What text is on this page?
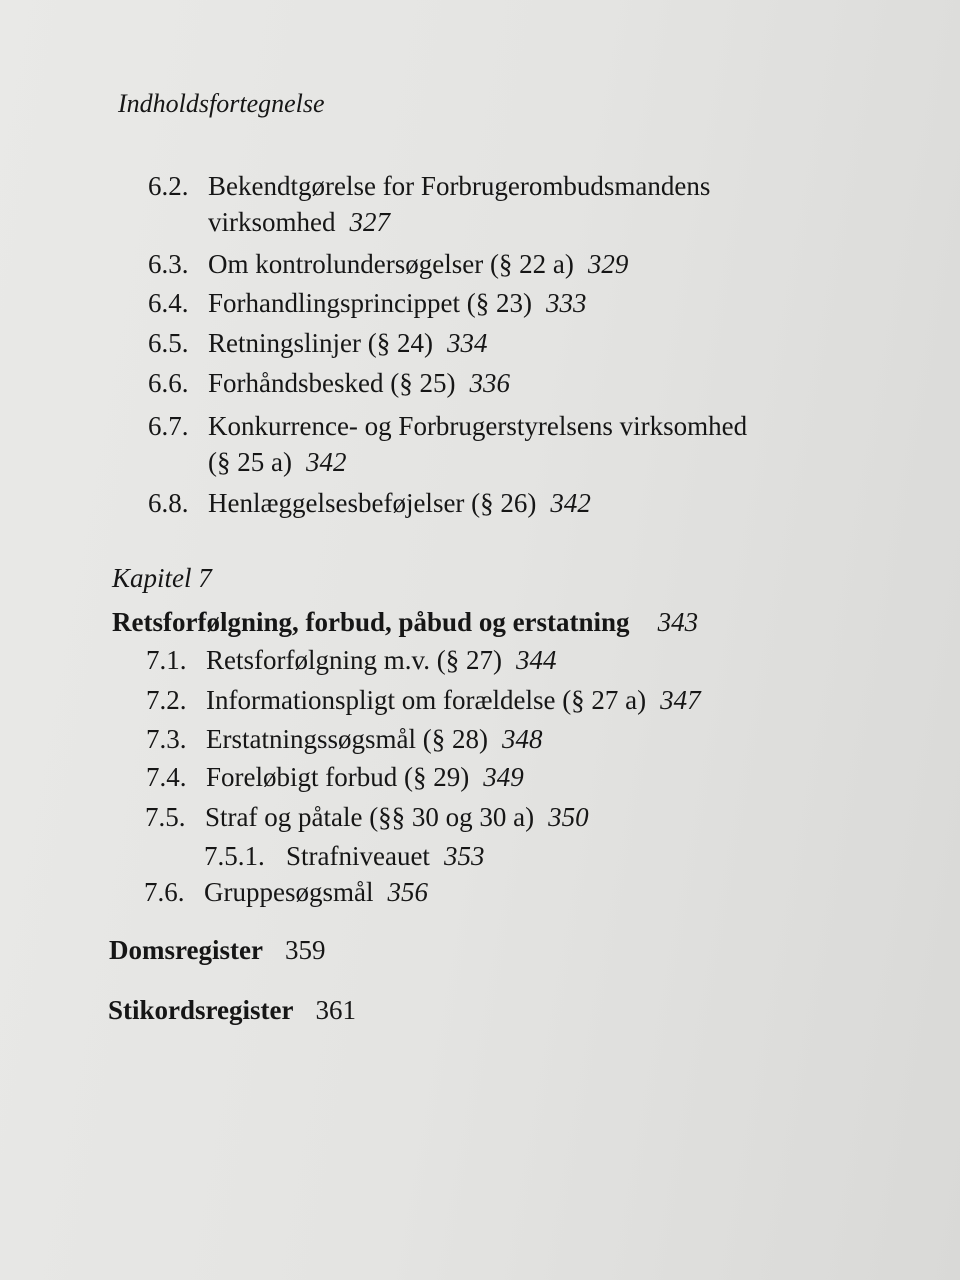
Indholdsfortegnelse
6.2. Bekendtgørelse for Forbrugerombudsmandens
virksomhed 327
6.3. Om kontrolundersøgelser (§ 22 a) 329
6.4. Forhandlingsprincippet (§ 23) 333
6.5. Retningslinjer (§ 24) 334
6.6. Forhåndsbesked (§ 25) 336
6.7. Konkurrence- og Forbrugerstyrelsens virksomhed
(§ 25 a) 342
6.8. Henlæggelsesbeføjelser (§ 26) 342
Kapitel 7
Retsforfølgning, forbud, påbud og erstatning 343
7.1. Retsforfølgning m.v. (§ 27) 344
7.2. Informationspligt om forældelse (§ 27 a) 347
7.3. Erstatningssøgsmål (§ 28) 348
7.4. Foreløbigt forbud (§ 29) 349
7.5. Straf og påtale (§§ 30 og 30 a) 350
7.5.1. Strafniveauet 353
7.6. Gruppesøgsmål 356
Domsregister 359
Stikordsregister 361
